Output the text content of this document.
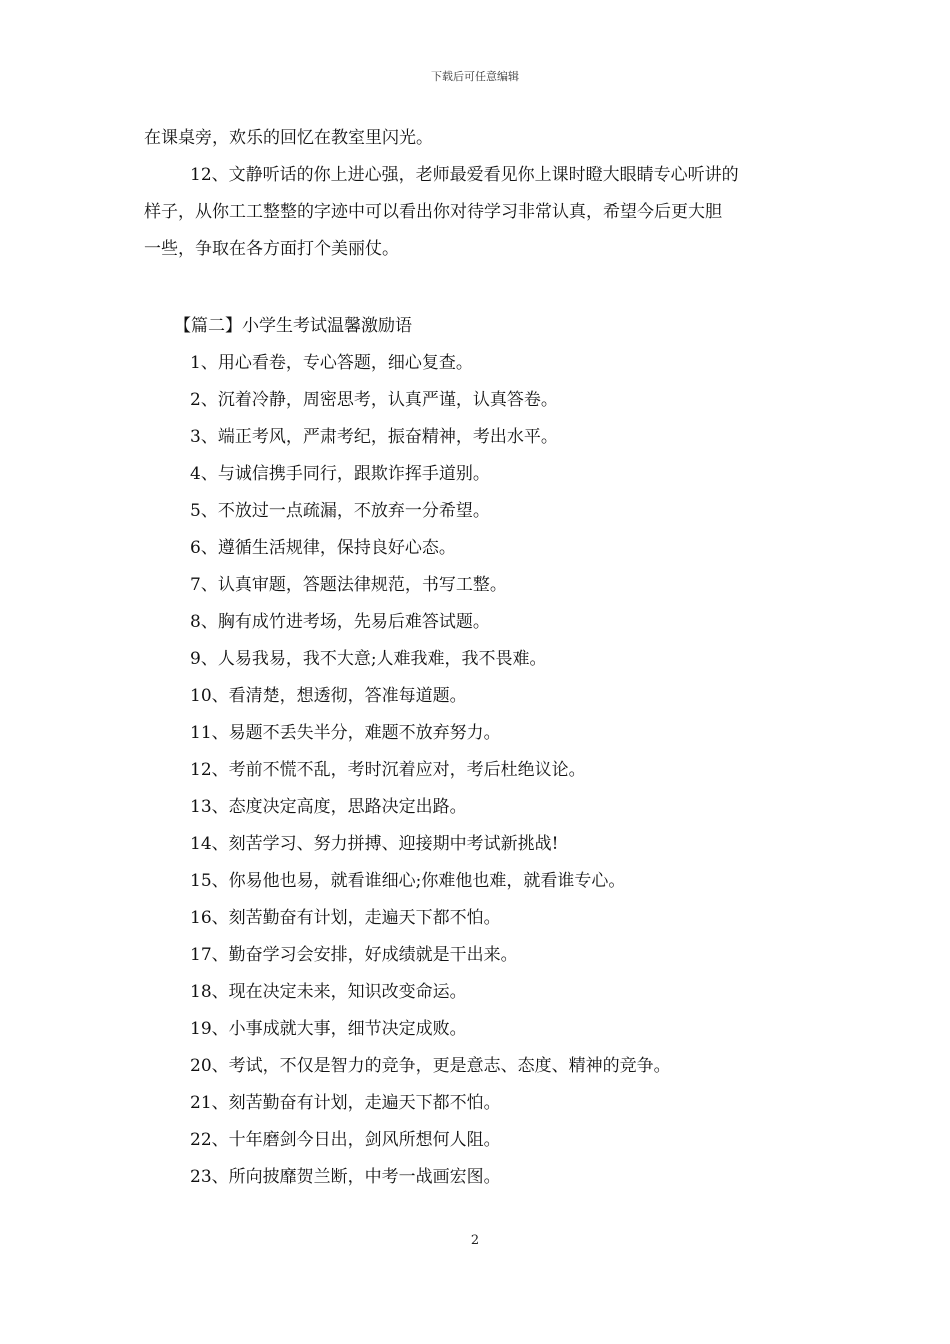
下载后可任意编辑
在课桌旁，欢乐的回忆在教室里闪光。
12、文静听话的你上进心强，老师最爱看见你上课时瞪大眼睛专心听讲的
样子，从你工工整整的字迹中可以看出你对待学习非常认真，希望今后更大胆
一些，争取在各方面打个美丽仗。
【篇二】小学生考试温馨激励语
1、用心看卷，专心答题，细心复查。
2、沉着冷静，周密思考，认真严谨，认真答卷。
3、端正考风，严肃考纪，振奋精神，考出水平。
4、与诚信携手同行，跟欺诈挥手道别。
5、不放过一点疏漏，不放弃一分希望。
6、遵循生活规律，保持良好心态。
7、认真审题，答题法律规范，书写工整。
8、胸有成竹进考场，先易后难答试题。
9、人易我易，我不大意;人难我难，我不畏难。
10、看清楚，想透彻，答准每道题。
11、易题不丢失半分，难题不放弃努力。
12、考前不慌不乱，考时沉着应对，考后杜绝议论。
13、态度决定高度，思路决定出路。
14、刻苦学习、努力拼搏、迎接期中考试新挑战!
15、你易他也易，就看谁细心;你难他也难，就看谁专心。
16、刻苦勤奋有计划，走遍天下都不怕。
17、勤奋学习会安排，好成绩就是干出来。
18、现在决定未来，知识改变命运。
19、小事成就大事，细节决定成败。
20、考试，不仅是智力的竞争，更是意志、态度、精神的竞争。
21、刻苦勤奋有计划，走遍天下都不怕。
22、十年磨剑今日出，剑风所想何人阻。
23、所向披靡贺兰断，中考一战画宏图。
2
